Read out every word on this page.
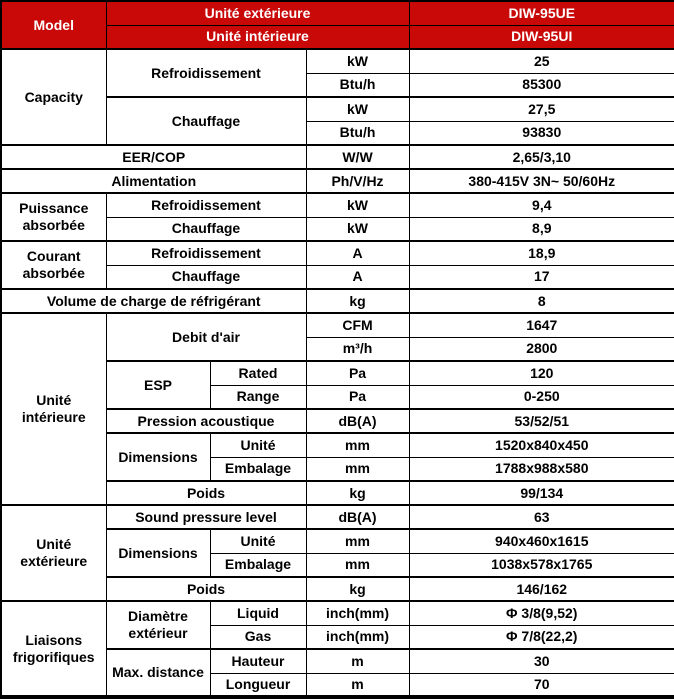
Model	Unité extérieure			DIW-95UE
	Unité intérieure			DIW-95UI
Capacity	Refroidissement		kW	25
			Btu/h	85300
	Chauffage		kW	27,5
			Btu/h	93830
EER/COP			W/W	2,65/3,10
Alimentation			Ph/V/Hz	380-415V 3N~ 50/60Hz
Puissance absorbée	Refroidissement		kW	9,4
	Chauffage		kW	8,9
Courant absorbée	Refroidissement		A	18,9
	Chauffage		A	17
Volume de charge de réfrigérant			kg	8
Unité intérieure	Debit d'air		CFM	1647
			m³/h	2800
	ESP	Rated	Pa	120
		Range	Pa	0-250
	Pression acoustique		dB(A)	53/52/51
	Dimensions	Unité	mm	1520x840x450
		Embalage	mm	1788x988x580
	Poids		kg	99/134
Unité extérieure	Sound pressure level		dB(A)	63
	Dimensions	Unité	mm	940x460x1615
		Embalage	mm	1038x578x1765
	Poids		kg	146/162
Liaisons frigorifiques	Diamètre extérieur	Liquid	inch(mm)	Φ 3/8(9,52)
		Gas	inch(mm)	Φ 7/8(22,2)
	Max. distance	Hauteur	m	30
		Longueur	m	70
